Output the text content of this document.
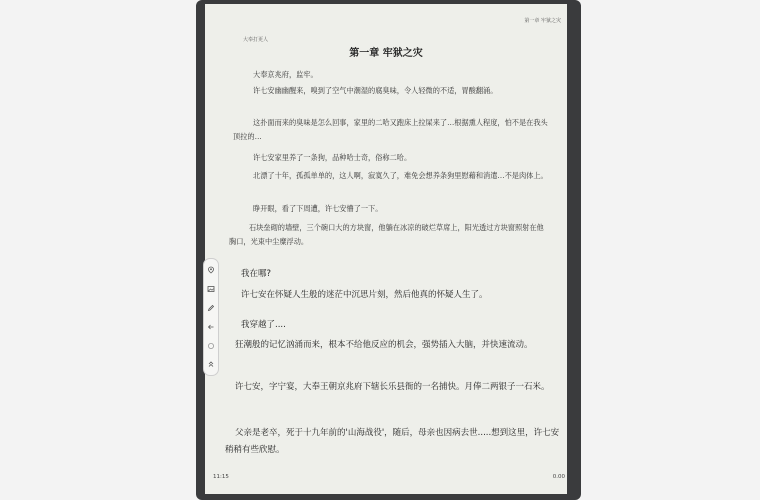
大奉打更人
第一章 牢狱之灾
第一章 牢狱之灾

大奉京兆府，监牢。

许七安幽幽醒来，嗅到了空气中潮湿的腐臭味，令人轻微的不适，胃酸翻涌。

这扑面而来的臭味是怎么回事，家里的二哈又跑床上拉屎来了…根据熏人程度，怕不是在我头顶拉的…

许七安家里养了一条狗，品种哈士奇，俗称二哈。

北漂了十年，孤孤单单的，这人啊，寂寞久了，难免会想养条狗里慰藉和消遣…不是肉体上。

睁开眼，看了下周遭，许七安懵了一下。

石块垒砌的墙壁，三个碗口大的方块窗，他躺在冰凉的破烂草席上，阳光透过方块窗照射在他胸口，光束中尘糜浮动。

我在哪?

许七安在怀疑人生般的迷茫中沉思片刻，然后他真的怀疑人生了。

我穿越了....

狂潮般的记忆汹涌而来，根本不给他反应的机会，强势插入大脑，并快速流动。

许七安，字宁宴，大奉王朝京兆府下辖长乐县衙的一名捕快。月俸二两银子一石米。

父亲是老卒，死于十九年前的'山海战役'，随后，母亲也因病去世.....想到这里，许七安稍稍有些欣慰。

11:15	0.00
